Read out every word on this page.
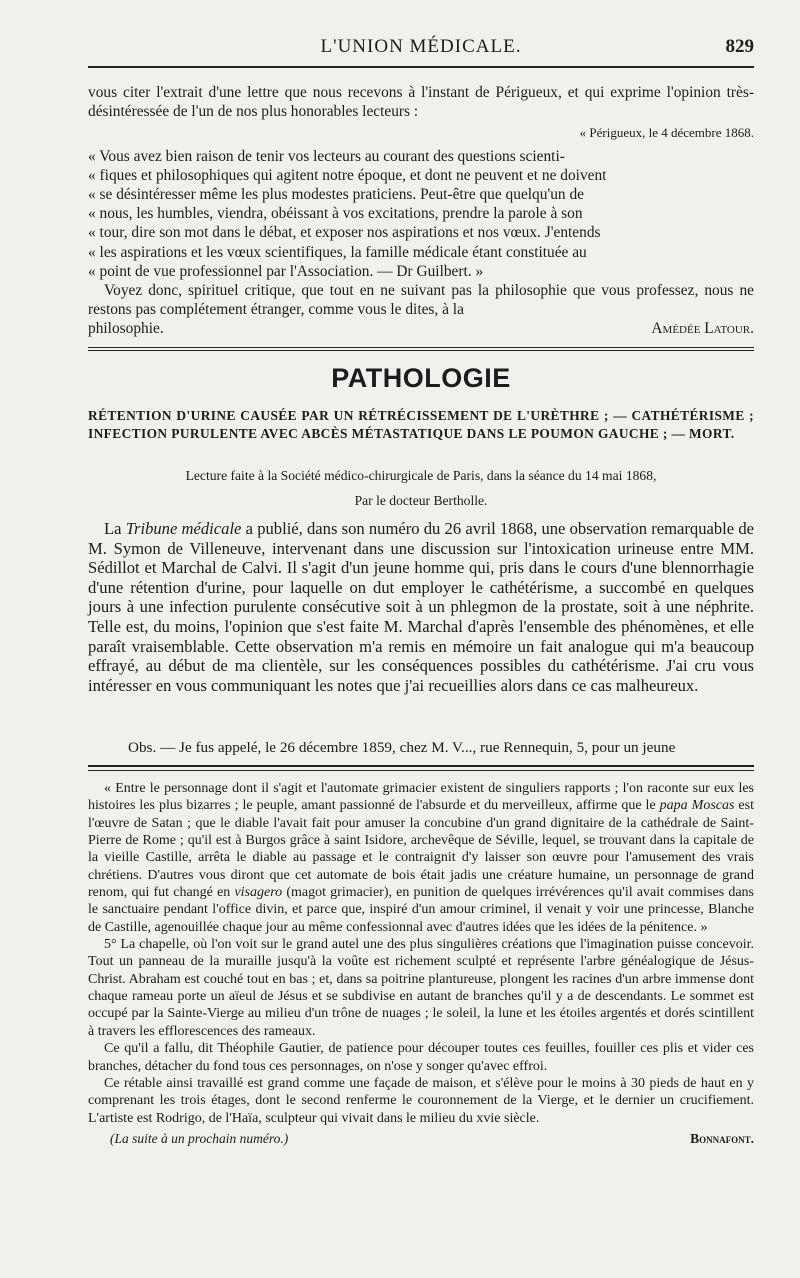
L'UNION MÉDICALE.	829

vous citer l'extrait d'une lettre que nous recevons à l'instant de Périgueux, et qui exprime l'opinion très-désintéressée de l'un de nos plus honorables lecteurs :

« Périgueux, le 4 décembre 1868.

« Vous avez bien raison de tenir vos lecteurs au courant des questions scienti-

« fiques et philosophiques qui agitent notre époque, et dont ne peuvent et ne doivent

« se désintéresser même les plus modestes praticiens. Peut-être que quelqu'un de

« nous, les humbles, viendra, obéissant à vos excitations, prendre la parole à son

« tour, dire son mot dans le débat, et exposer nos aspirations et nos vœux. J'entends

« les aspirations et les vœux scientifiques, la famille médicale étant constituée au

« point de vue professionnel par l'Association. — Dr Guilbert. »

Voyez donc, spirituel critique, que tout en ne suivant pas la philosophie que vous professez, nous ne restons pas complétement étranger, comme vous le dites, à la

philosophie.	Amédée Latour.
PATHOLOGIE
RÉTENTION D'URINE CAUSÉE PAR UN RÉTRÉCISSEMENT DE L'URÈTHRE ; — CATHÉTÉRISME ; INFECTION PURULENTE AVEC ABCÈS MÉTASTATIQUE DANS LE POUMON GAUCHE ; — MORT.
Lecture faite à la Société médico-chirurgicale de Paris, dans la séance du 14 mai 1868,
Par le docteur Bertholle.

La Tribune médicale a publié, dans son numéro du 26 avril 1868, une observation remarquable de M. Symon de Villeneuve, intervenant dans une discussion sur l'intoxication urineuse entre MM. Sédillot et Marchal de Calvi. Il s'agit d'un jeune homme qui, pris dans le cours d'une blennorrhagie d'une rétention d'urine, pour laquelle on dut employer le cathétérisme, a succombé en quelques jours à une infection purulente consécutive soit à un phlegmon de la prostate, soit à une néphrite. Telle est, du moins, l'opinion que s'est faite M. Marchal d'après l'ensemble des phénomènes, et elle paraît vraisemblable. Cette observation m'a remis en mémoire un fait analogue qui m'a beaucoup effrayé, au début de ma clientèle, sur les conséquences possibles du cathétérisme. J'ai cru vous intéresser en vous communiquant les notes que j'ai recueillies alors dans ce cas malheureux.

Obs. — Je fus appelé, le 26 décembre 1859, chez M. V..., rue Rennequin, 5, pour un jeune

« Entre le personnage dont il s'agit et l'automate grimacier existent de singuliers rapports ; l'on raconte sur eux les histoires les plus bizarres ; le peuple, amant passionné de l'absurde et du merveilleux, affirme que le papa Moscas est l'œuvre de Satan ; que le diable l'avait fait pour amuser la concubine d'un grand dignitaire de la cathédrale de Saint-Pierre de Rome ; qu'il est à Burgos grâce à saint Isidore, archevêque de Séville, lequel, se trouvant dans la capitale de la vieille Castille, arrêta le diable au passage et le contraignit d'y laisser son œuvre pour l'amusement des vrais chrétiens. D'autres vous diront que cet automate de bois était jadis une créature humaine, un personnage de grand renom, qui fut changé en visagero (magot grimacier), en punition de quelques irrévérences qu'il avait commises dans le sanctuaire pendant l'office divin, et parce que, inspiré d'un amour criminel, il venait y voir une princesse, Blanche de Castille, agenouillée chaque jour au même confessionnal avec d'autres idées que les idées de la pénitence. »

5° La chapelle, où l'on voit sur le grand autel une des plus singulières créations que l'imagination puisse concevoir. Tout un panneau de la muraille jusqu'à la voûte est richement sculpté et représente l'arbre généalogique de Jésus-Christ. Abraham est couché tout en bas ; et, dans sa poitrine plantureuse, plongent les racines d'un arbre immense dont chaque rameau porte un aïeul de Jésus et se subdivise en autant de branches qu'il y a de descendants. Le sommet est occupé par la Sainte-Vierge au milieu d'un trône de nuages ; le soleil, la lune et les étoiles argentés et dorés scintillent à travers les efflorescences des rameaux.

Ce qu'il a fallu, dit Théophile Gautier, de patience pour découper toutes ces feuilles, fouiller ces plis et vider ces branches, détacher du fond tous ces personnages, on n'ose y songer qu'avec effroi.

Ce rétable ainsi travaillé est grand comme une façade de maison, et s'élève pour le moins à 30 pieds de haut en y comprenant les trois étages, dont le second renferme le couronnement de la Vierge, et le dernier un crucifiement. L'artiste est Rodrigo, de l'Haïa, sculpteur qui vivait dans le milieu du xvie siècle.

(La suite à un prochain numéro.)	Bonnafont.
